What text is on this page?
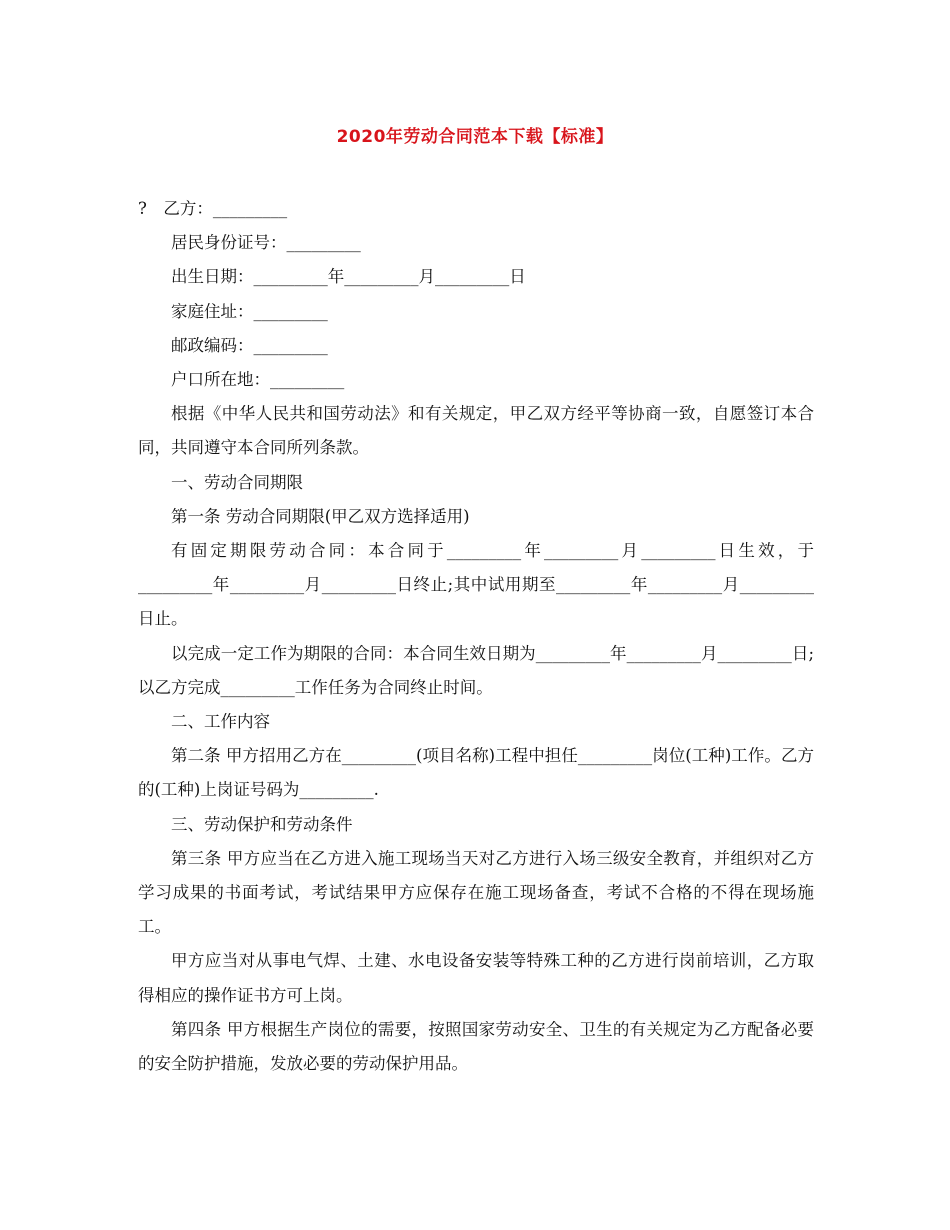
2020年劳动合同范本下载【标准】

?　乙方：_________

居民身份证号：_________

出生日期：_________年_________月_________日

家庭住址：_________

邮政编码：_________

户口所在地：_________

根据《中华人民共和国劳动法》和有关规定，甲乙双方经平等协商一致，自愿签订本合同，共同遵守本合同所列条款。

一、劳动合同期限

第一条 劳动合同期限(甲乙双方选择适用)

有固定期限劳动合同：本合同于_________年_________月_________日生效，于_________年_________月_________日终止;其中试用期至_________年_________月_________日止。

以完成一定工作为期限的合同：本合同生效日期为_________年_________月_________日;以乙方完成_________工作任务为合同终止时间。

二、工作内容

第二条 甲方招用乙方在_________(项目名称)工程中担任_________岗位(工种)工作。乙方的(工种)上岗证号码为_________.

三、劳动保护和劳动条件

第三条 甲方应当在乙方进入施工现场当天对乙方进行入场三级安全教育，并组织对乙方学习成果的书面考试，考试结果甲方应保存在施工现场备查，考试不合格的不得在现场施工。

甲方应当对从事电气焊、土建、水电设备安装等特殊工种的乙方进行岗前培训，乙方取得相应的操作证书方可上岗。

第四条 甲方根据生产岗位的需要，按照国家劳动安全、卫生的有关规定为乙方配备必要的安全防护措施，发放必要的劳动保护用品。
